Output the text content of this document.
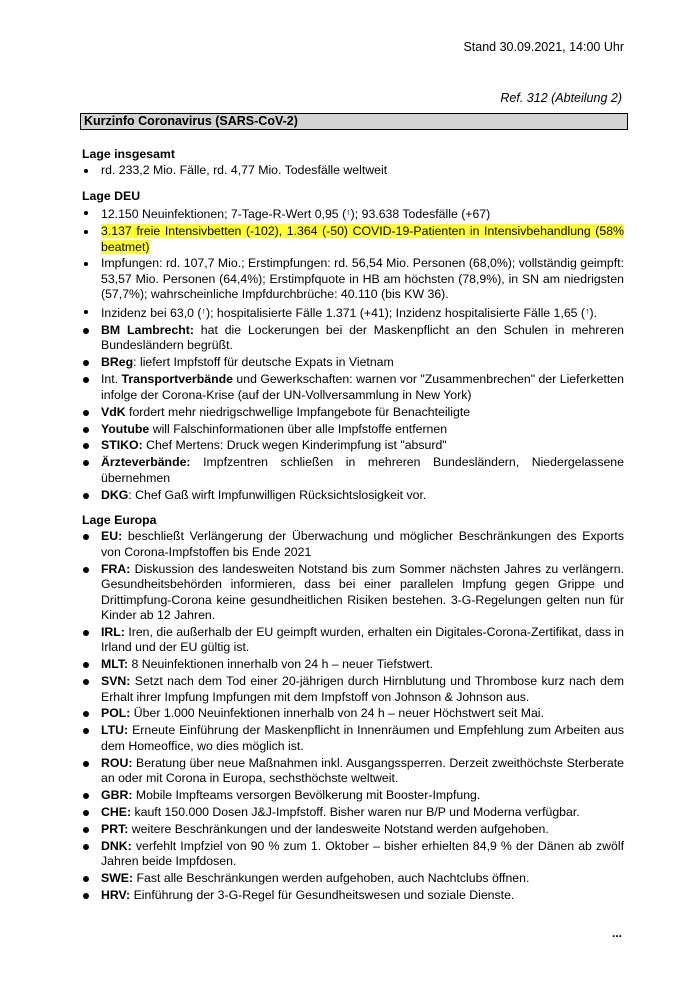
Stand 30.09.2021, 14:00 Uhr
Ref. 312 (Abteilung 2)
Kurzinfo Coronavirus (SARS-CoV-2)
Lage insgesamt
rd. 233,2 Mio. Fälle, rd. 4,77 Mio. Todesfälle weltweit
Lage DEU
12.150 Neuinfektionen; 7-Tage-R-Wert 0,95 (↑); 93.638 Todesfälle (+67)
3.137 freie Intensivbetten (-102), 1.364 (-50) COVID-19-Patienten in Intensivbehandlung (58% beatmet)
Impfungen: rd. 107,7 Mio.; Erstimpfungen: rd. 56,54 Mio. Personen (68,0%); vollständig geimpft: 53,57 Mio. Personen (64,4%); Erstimpfquote in HB am höchsten (78,9%), in SN am niedrigsten (57,7%); wahrscheinliche Impfdurchbrüche: 40.110 (bis KW 36).
Inzidenz bei 63,0 (↑); hospitalisierte Fälle 1.371 (+41); Inzidenz hospitalisierte Fälle 1,65 (↑).
BM Lambrecht: hat die Lockerungen bei der Maskenpflicht an den Schulen in mehreren Bundesländern begrüßt.
BReg: liefert Impfstoff für deutsche Expats in Vietnam
Int. Transportverbände und Gewerkschaften: warnen vor "Zusammenbrechen" der Lieferketten infolge der Corona-Krise (auf der UN-Vollversammlung in New York)
VdK fordert mehr niedrigschwellige Impfangebote für Benachteiligte
Youtube will Falschinformationen über alle Impfstoffe entfernen
STIKO: Chef Mertens: Druck wegen Kinderimpfung ist "absurd"
Ärzteverbände: Impfzentren schließen in mehreren Bundesländern, Niedergelassene übernehmen
DKG: Chef Gaß wirft Impfunwilligen Rücksichtslosigkeit vor.
Lage Europa
EU: beschließt Verlängerung der Überwachung und möglicher Beschränkungen des Exports von Corona-Impfstoffen bis Ende 2021
FRA: Diskussion des landesweiten Notstand bis zum Sommer nächsten Jahres zu verlängern. Gesundheitsbehörden informieren, dass bei einer parallelen Impfung gegen Grippe und Drittimpfung-Corona keine gesundheitlichen Risiken bestehen. 3-G-Regelungen gelten nun für Kinder ab 12 Jahren.
IRL: Iren, die außerhalb der EU geimpft wurden, erhalten ein Digitales-Corona-Zertifikat, dass in Irland und der EU gültig ist.
MLT: 8 Neuinfektionen innerhalb von 24 h – neuer Tiefstwert.
SVN: Setzt nach dem Tod einer 20-jährigen durch Hirnblutung und Thrombose kurz nach dem Erhalt ihrer Impfung Impfungen mit dem Impfstoff von Johnson & Johnson aus.
POL: Über 1.000 Neuinfektionen innerhalb von 24 h – neuer Höchstwert seit Mai.
LTU: Erneute Einführung der Maskenpflicht in Innenräumen und Empfehlung zum Arbeiten aus dem Homeoffice, wo dies möglich ist.
ROU: Beratung über neue Maßnahmen inkl. Ausgangssperren. Derzeit zweithöchste Sterberate an oder mit Corona in Europa, sechsthöchste weltweit.
GBR: Mobile Impfteams versorgen Bevölkerung mit Booster-Impfung.
CHE: kauft 150.000 Dosen J&J-Impfstoff. Bisher waren nur B/P und Moderna verfügbar.
PRT: weitere Beschränkungen und der landesweite Notstand werden aufgehoben.
DNK: verfehlt Impfziel von 90 % zum 1. Oktober – bisher erhielten 84,9 % der Dänen ab zwölf Jahren beide Impfdosen.
SWE: Fast alle Beschränkungen werden aufgehoben, auch Nachtclubs öffnen.
HRV: Einführung der 3-G-Regel für Gesundheitswesen und soziale Dienste.
...
